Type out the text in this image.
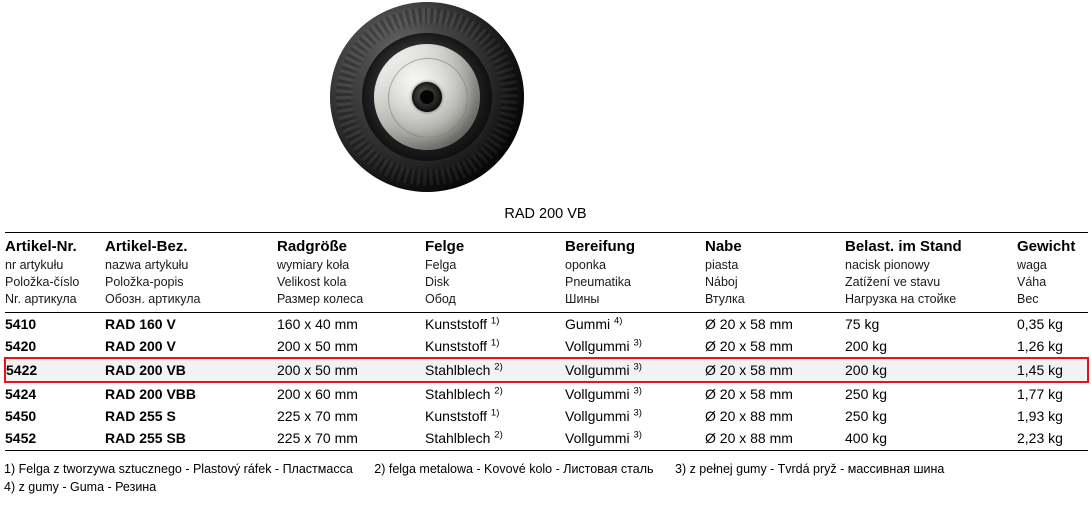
RAD 200 VB
Artikel-Nr.	Artikel-Bez.	Radgröße	Felge	Bereifung	Nabe	Belast. im Stand	Gewicht
nr artykułu	nazwa artykułu	wymiary koła	Felga	oponka	piasta	nacisk pionowy	waga
Položka-číslo	Položka-popis	Velikost kola	Disk	Pneumatika	Náboj	Zatížení ve stavu	Váha
Nr. артикула	Обозн. артикула	Размер колеса	Обод	Шины	Втулка	Нагрузка на стойке	Вес
5410	RAD 160 V	160 x 40 mm	Kunststoff $^{1)}$	Gummi $^{4)}$	Ø 20 x 58 mm	75 kg	0,35 kg
5420	RAD 200 V	200 x 50 mm	Kunststoff $^{1)}$	Vollgummi $^{3)}$	Ø 20 x 58 mm	200 kg	1,26 kg
5422	RAD 200 VB	200 x 50 mm	Stahlblech $^{2)}$	Vollgummi $^{3)}$	Ø 20 x 58 mm	200 kg	1,45 kg
5424	RAD 200 VBB	200 x 60 mm	Stahlblech $^{2)}$	Vollgummi $^{3)}$	Ø 20 x 58 mm	250 kg	1,77 kg
5450	RAD 255 S	225 x 70 mm	Kunststoff $^{1)}$	Vollgummi $^{3)}$	Ø 20 x 88 mm	250 kg	1,93 kg
5452	RAD 255 SB	225 x 70 mm	Stahlblech $^{2)}$	Vollgummi $^{3)}$	Ø 20 x 88 mm	400 kg	2,23 kg
1) Felga z tworzywa sztucznego - Plastový ráfek - Пластмасса 2) felga metalowa - Kovové kolo - Листовая сталь 3) z pełnej gumy - Tvrdá pryž - массивная шина
4) z gumy - Guma - Резина
